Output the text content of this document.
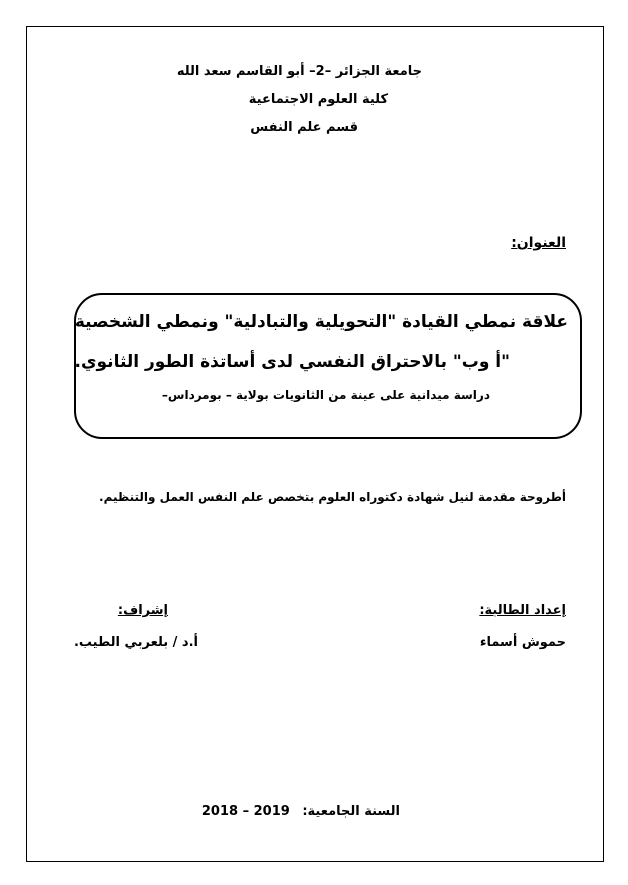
جامعة الجزائر –2– أبو القاسم سعد الله
كلية العلوم الاجتماعية
قسم علم النفس
العنوان:
علاقة نمطي القيادة "التحويلية والتبادلية" ونمطي الشخصية
"أ وب" بالاحتراق النفسي لدى أساتذة الطور الثانوي.
دراسة ميدانية على عينة من الثانويات بولاية – بومرداس–
أطروحة مقدمة لنيل شهادة دكتوراه العلوم بتخصص علم النفس العمل والتنظيم.
إعداد الطالبة:
حموش أسماء
إشراف:
أ.د / بلعربي الطيب.
السنة الجامعية: 2018 – 2019
